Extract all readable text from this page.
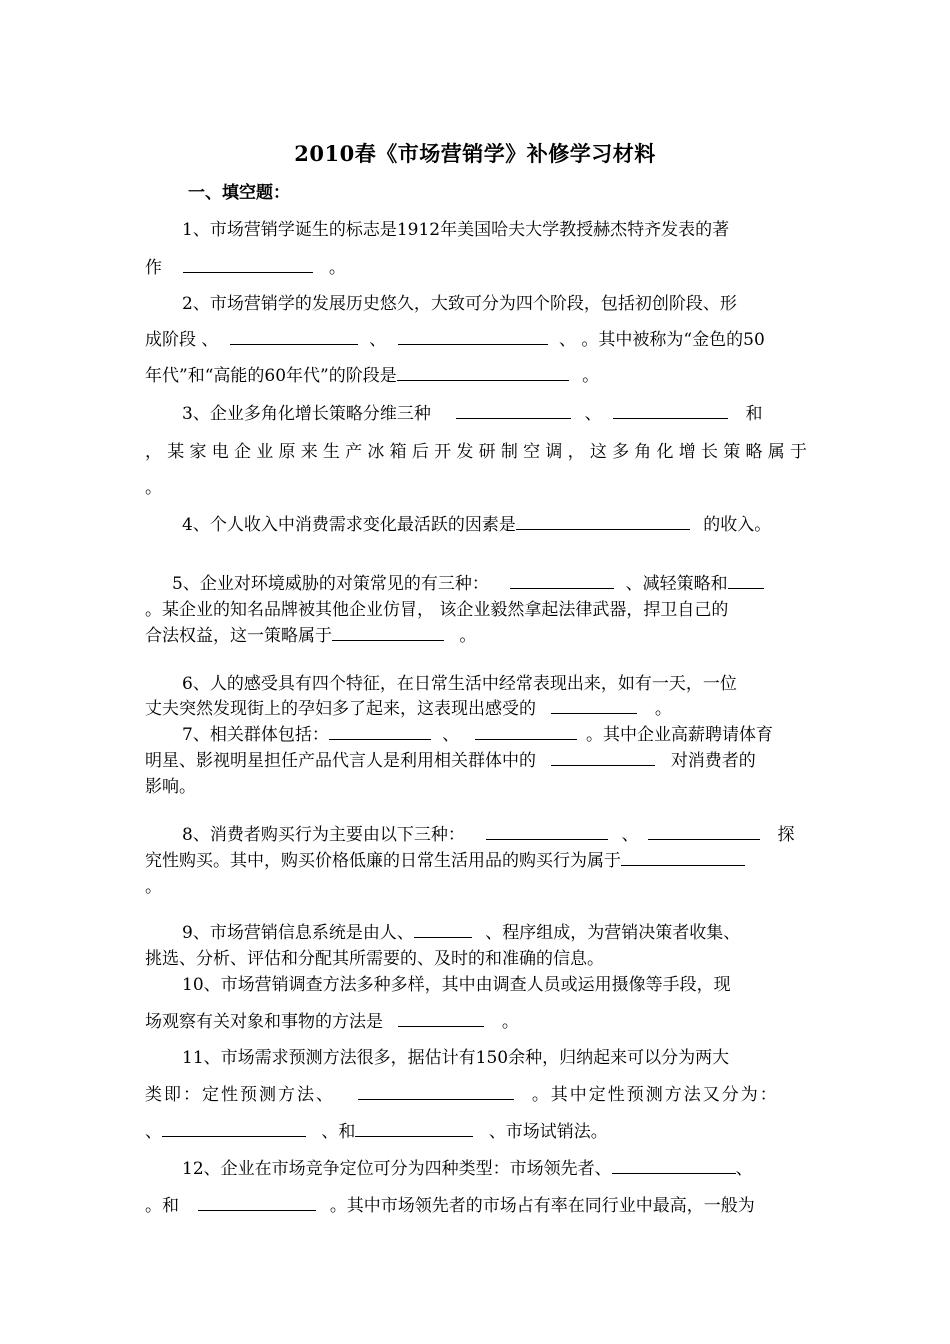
2010春《市场营销学》补修学习材料
一、填空题：
1、市场营销学诞生的标志是1912年美国哈夫大学教授赫杰特齐发表的著
作	。
2、市场营销学的发展历史悠久，大致可分为四个阶段，包括初创阶段、形
成阶段 、	、	、 。其中被称为“金色的50
年代”和“高能的60年代”的阶段是	。
3、企业多角化增长策略分维三种	、	和
，某家电企业原来生产冰箱后开发研制空调，这多角化增长策略属于
。
4、个人收入中消费需求变化最活跃的因素是	的收入。
5、企业对环境威胁的对策常见的有三种：	、减轻策略和
。某企业的知名品牌被其他企业仿冒， 该企业毅然拿起法律武器，捍卫自己的
合法权益，这一策略属于	。
6、人的感受具有四个特征，在日常生活中经常表现出来，如有一天，一位
丈夫突然发现街上的孕妇多了起来，这表现出感受的	。
7、相关群体包括：	、	。其中企业高薪聘请体育
明星、影视明星担任产品代言人是利用相关群体中的	对消费者的
影响。
8、消费者购买行为主要由以下三种：	、	探
究性购买。其中，购买价格低廉的日常生活用品的购买行为属于
。
9、市场营销信息系统是由人、	、程序组成，为营销决策者收集、
挑选、分析、评估和分配其所需要的、及时的和准确的信息。
10、市场营销调查方法多种多样，其中由调查人员或运用摄像等手段，现
场观察有关对象和事物的方法是	。
11、市场需求预测方法很多，据估计有150余种，归纳起来可以分为两大
类即：定性预测方法、	。其中定性预测方法又分为：
、	、和	、市场试销法。
12、企业在市场竞争定位可分为四种类型：市场领先者、	、
。和	。其中市场领先者的市场占有率在同行业中最高，一般为
